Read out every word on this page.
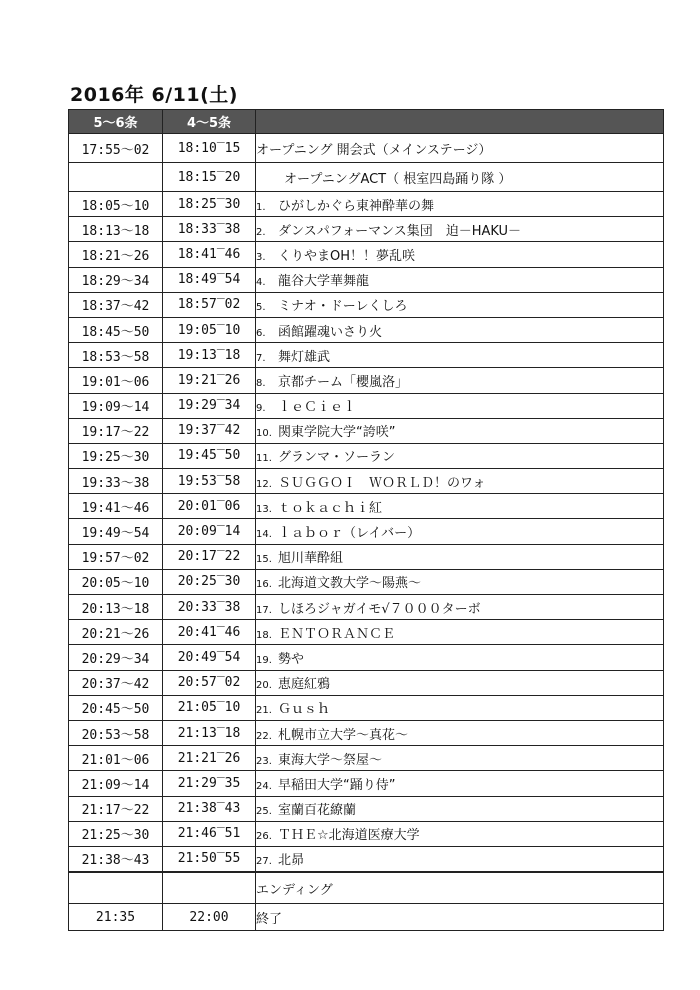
2016年 6/11(土)
5～6条	4～5条	
17:55～02	18:10‾15	オープニング 開会式（メインステージ）
	18:15‾20	オープニングACT（ 根室四島踊り隊 ）
18:05～10	18:25‾30	1. ひがしかぐら東神酔華の舞
18:13～18	18:33‾38	2. ダンスパフォーマンス集団　迫－HAKU－
18:21～26	18:41‾46	3. くりやまOH！！夢乱咲
18:29～34	18:49‾54	4. 龍谷大学華舞龍
18:37～42	18:57‾02	5. ミナオ・ドーレくしろ
18:45～50	19:05‾10	6. 函館躍魂いさり火
18:53～58	19:13‾18	7. 舞灯雄武
19:01～06	19:21‾26	8. 京都チーム「櫻嵐洛」
19:09～14	19:29‾34	9. ｌｅＣｉｅｌ
19:17～22	19:37‾42	10. 関東学院大学“誇咲”
19:25～30	19:45‾50	11. グランマ・ソーラン
19:33～38	19:53‾58	12. ＳＵＧＧＯＩ　ＷＯＲＬＤ！のワォ
19:41～46	20:01‾06	13. ｔｏｋａｃｈｉ紅
19:49～54	20:09‾14	14. ｌａｂｏｒ（レイバー）
19:57～02	20:17‾22	15. 旭川華酔組
20:05～10	20:25‾30	16. 北海道文教大学～陽燕～
20:13～18	20:33‾38	17. しほろジャガイモ√７０００ターボ
20:21～26	20:41‾46	18. ＥＮＴＯＲＡＮＣＥ
20:29～34	20:49‾54	19. 勢や
20:37～42	20:57‾02	20. 恵庭紅鴉
20:45～50	21:05‾10	21. Ｇｕｓｈ
20:53～58	21:13‾18	22. 札幌市立大学～真花～
21:01～06	21:21‾26	23. 東海大学～祭屋～
21:09～14	21:29‾35	24. 早稲田大学“踊り侍”
21:17～22	21:38‾43	25. 室蘭百花繚蘭
21:25～30	21:46‾51	26. ＴＨＥ☆北海道医療大学
21:38～43	21:50‾55	27. 北昴
		エンディング
21:35	22:00	終了
